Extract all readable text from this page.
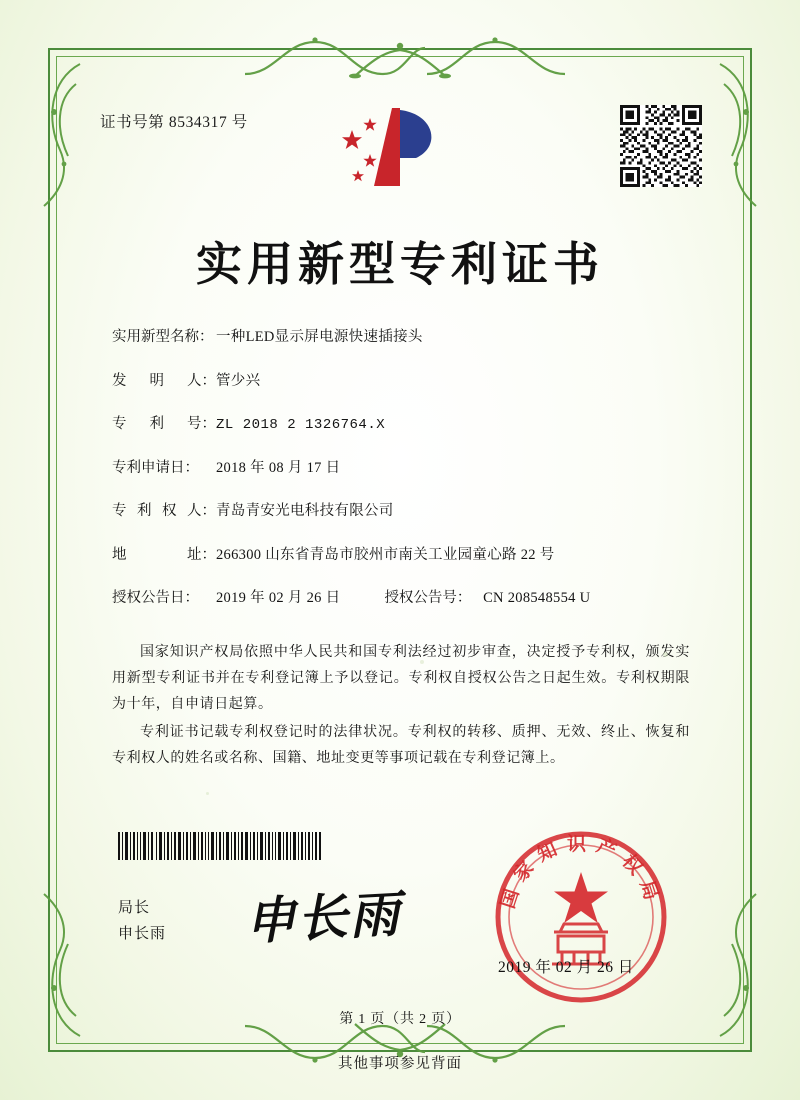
证书号第 8534317 号
实用新型专利证书
实用新型名称： 一种LED显示屏电源快速插接头
发 明 人： 管少兴
专 利 号： ZL 2018 2 1326764.X
专利申请日：	2018 年 08 月 17 日
专 利 权 人： 青岛青安光电科技有限公司
地	址： 266300 山东省青岛市胶州市南关工业园童心路 22 号
授权公告日：	2019 年 02 月 26 日	授权公告号： CN 208548554 U

国家知识产权局依照中华人民共和国专利法经过初步审查，决定授予专利权，颁发实用新型专利证书并在专利登记簿上予以登记。专利权自授权公告之日起生效。专利权期限为十年，自申请日起算。

专利证书记载专利权登记时的法律状况。专利权的转移、质押、无效、终止、恢复和专利权人的姓名或名称、国籍、地址变更等事项记载在专利登记簿上。

局长
申长雨 申长雨	国家知识产权局
2019 年 02 月 26 日
第 1 页（共 2 页）
其他事项参见背面
